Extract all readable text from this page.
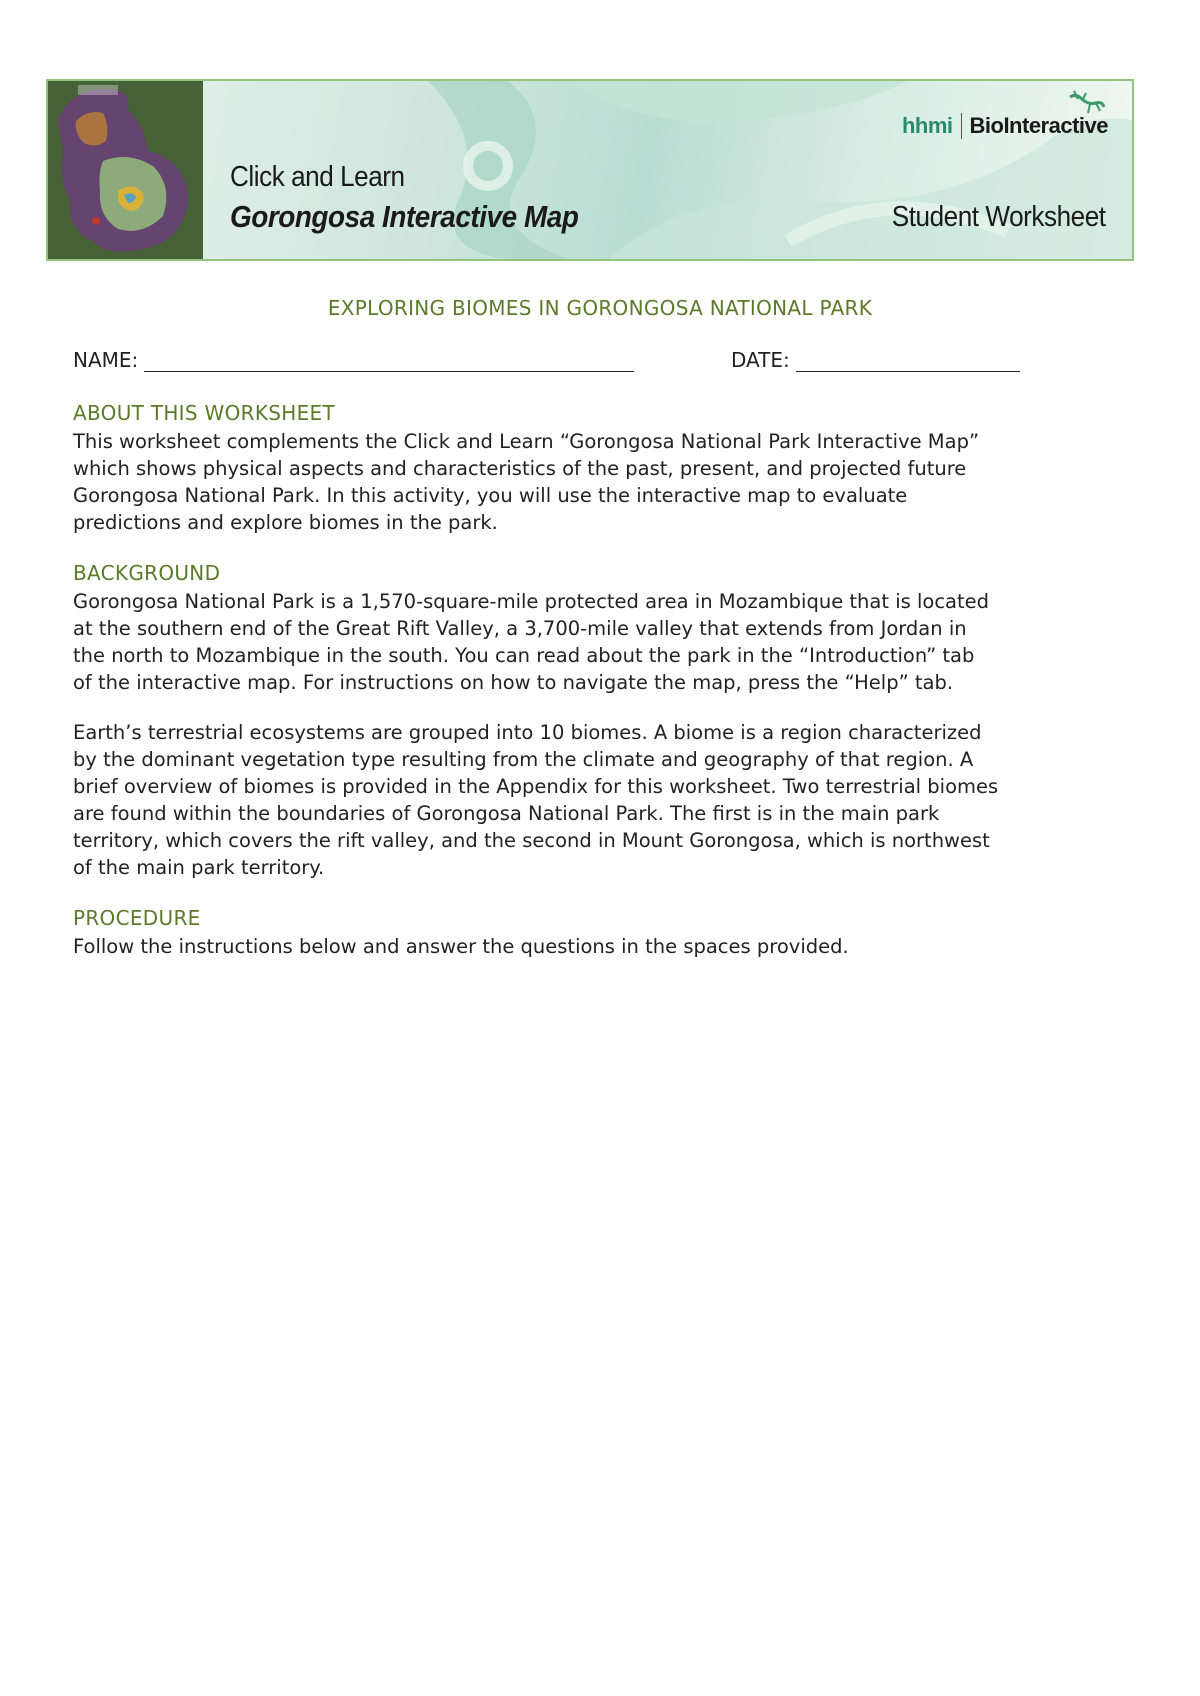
Click and Learn
Gorongosa Interactive Map	Student Worksheet
hhmi BioInteractive
EXPLORING BIOMES IN GORONGOSA NATIONAL PARK
NAME:	DATE:
ABOUT THIS WORKSHEET

This worksheet complements the Click and Learn “Gorongosa National Park Interactive Map”
which shows physical aspects and characteristics of the past, present, and projected future
Gorongosa National Park. In this activity, you will use the interactive map to evaluate
predictions and explore biomes in the park.

BACKGROUND

Gorongosa National Park is a 1,570-square-mile protected area in Mozambique that is located
at the southern end of the Great Rift Valley, a 3,700-mile valley that extends from Jordan in
the north to Mozambique in the south. You can read about the park in the “Introduction” tab
of the interactive map. For instructions on how to navigate the map, press the “Help” tab.

Earth’s terrestrial ecosystems are grouped into 10 biomes. A biome is a region characterized
by the dominant vegetation type resulting from the climate and geography of that region. A
brief overview of biomes is provided in the Appendix for this worksheet. Two terrestrial biomes
are found within the boundaries of Gorongosa National Park. The first is in the main park
territory, which covers the rift valley, and the second in Mount Gorongosa, which is northwest
of the main park territory.

PROCEDURE

Follow the instructions below and answer the questions in the spaces provided.
